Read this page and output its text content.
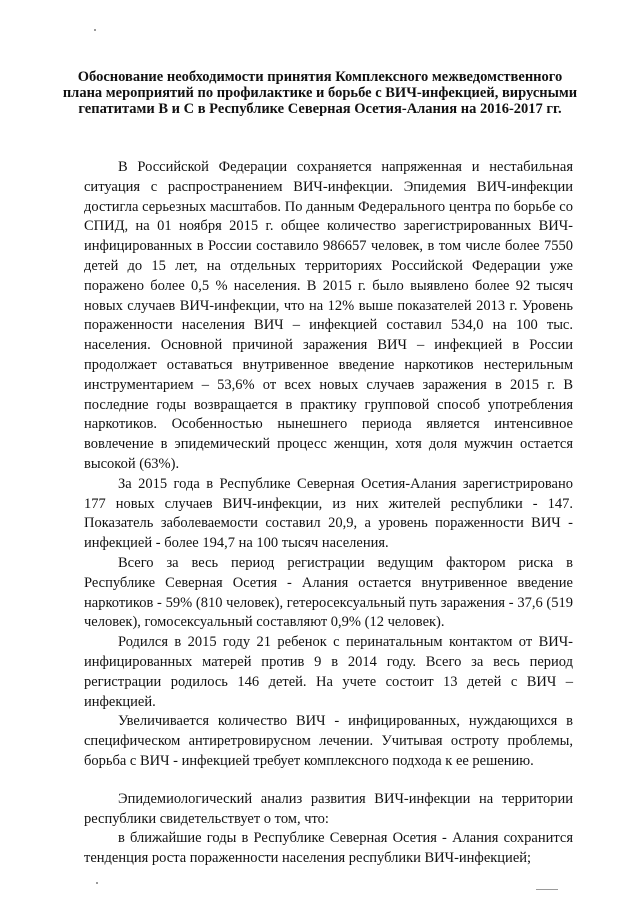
Обоснование необходимости принятия Комплексного межведомственного плана мероприятий по профилактике и борьбе с ВИЧ-инфекцией, вирусными гепатитами В и С в Республике Северная Осетия-Алания на 2016-2017 гг.

В Российской Федерации сохраняется напряженная и нестабильная ситуация с распространением ВИЧ-инфекции. Эпидемия ВИЧ-инфекции достигла серьезных масштабов. По данным Федерального центра по борьбе со СПИД, на 01 ноября 2015 г. общее количество зарегистрированных ВИЧ-инфицированных в России составило 986657 человек, в том числе более 7550 детей до 15 лет, на отдельных территориях Российской Федерации уже поражено более 0,5 % населения. В 2015 г. было выявлено более 92 тысяч новых случаев ВИЧ-инфекции, что на 12% выше показателей 2013 г. Уровень пораженности населения ВИЧ – инфекцией составил 534,0 на 100 тыс. населения. Основной причиной заражения ВИЧ – инфекцией в России продолжает оставаться внутривенное введение наркотиков нестерильным инструментарием – 53,6% от всех новых случаев заражения в 2015 г. В последние годы возвращается в практику групповой способ употребления наркотиков. Особенностью нынешнего периода является интенсивное вовлечение в эпидемический процесс женщин, хотя доля мужчин остается высокой (63%).

За 2015 года в Республике Северная Осетия-Алания зарегистрировано 177 новых случаев ВИЧ-инфекции, из них жителей республики - 147. Показатель заболеваемости составил 20,9, а уровень пораженности ВИЧ - инфекцией - более 194,7 на 100 тысяч населения.

Всего за весь период регистрации ведущим фактором риска в Республике Северная Осетия - Алания остается внутривенное введение наркотиков - 59% (810 человек), гетеросексуальный путь заражения - 37,6 (519 человек), гомосексуальный составляют 0,9% (12 человек).

Родился в 2015 году 21 ребенок с перинатальным контактом от ВИЧ-инфицированных матерей против 9 в 2014 году. Всего за весь период регистрации родилось 146 детей. На учете состоит 13 детей с ВИЧ – инфекцией.

Увеличивается количество ВИЧ - инфицированных, нуждающихся в специфическом антиретровирусном лечении. Учитывая остроту проблемы, борьба с ВИЧ - инфекцией требует комплексного подхода к ее решению.

Эпидемиологический анализ развития ВИЧ-инфекции на территории республики свидетельствует о том, что:

в ближайшие годы в Республике Северная Осетия - Алания сохранится тенденция роста пораженности населения республики ВИЧ-инфекцией;
